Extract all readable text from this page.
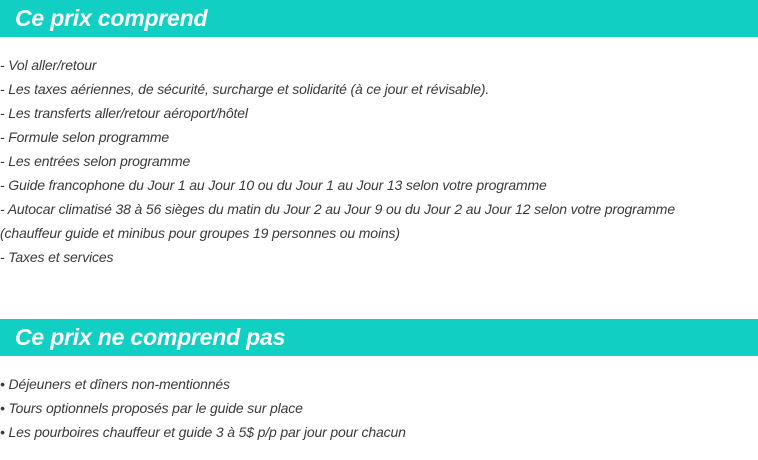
Ce prix comprend
- Vol aller/retour
- Les taxes aériennes, de sécurité, surcharge et solidarité (à ce jour et révisable).
- Les transferts aller/retour aéroport/hôtel
- Formule selon programme
- Les entrées selon programme
- Guide francophone du Jour 1 au Jour 10 ou du Jour 1 au Jour 13 selon votre programme
- Autocar climatisé 38 à 56 sièges du matin du Jour 2 au Jour 9 ou du Jour 2 au Jour 12 selon votre programme
(chauffeur guide et minibus pour groupes 19 personnes ou moins)
- Taxes et services
Ce prix ne comprend pas
• Déjeuners et dîners non-mentionnés
• Tours optionnels proposés par le guide sur place
• Les pourboires chauffeur et guide 3 à 5$ p/p par jour pour chacun
